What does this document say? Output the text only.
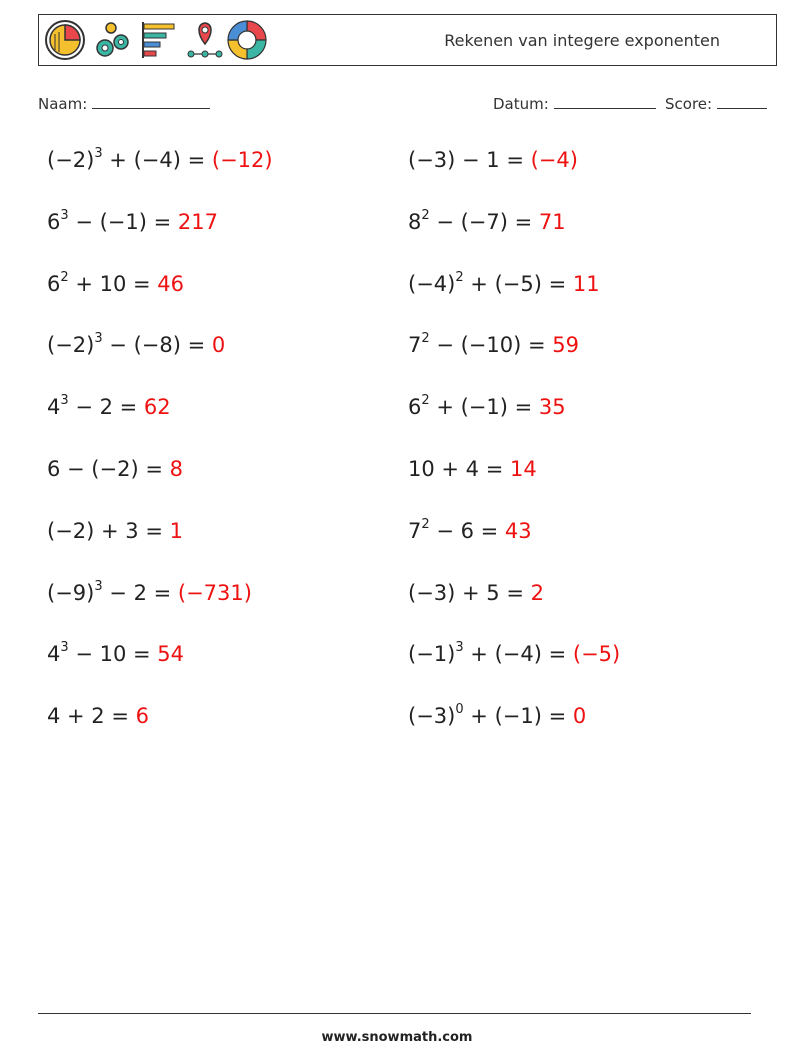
Rekenen van integere exponenten
Naam:	Datum:	Score:
$(-2)^3 + (-4) = (-12)$	(−3) − 1 = (−4)
$6^3 - (-1) = 217$	$8^2 - (-7) = 71$
$6^2 + 10 = 46$	$(-4)^2 + (-5) = 11$
$(-2)^3 - (-8) = 0$	$7^2 - (-10) = 59$
$4^3 - 2 = 62$	$6^2 + (-1) = 35$
6 − (−2) = 8	10 + 4 = 14
(−2) + 3 = 1	$7^2 - 6 = 43$
$(-9)^3 - 2 = (-731)$	(−3) + 5 = 2
$4^3 - 10 = 54$	$(-1)^3 + (-4) = (-5)$
4 + 2 = 6	$(-3)^0 + (-1) = 0$
www.snowmath.com
